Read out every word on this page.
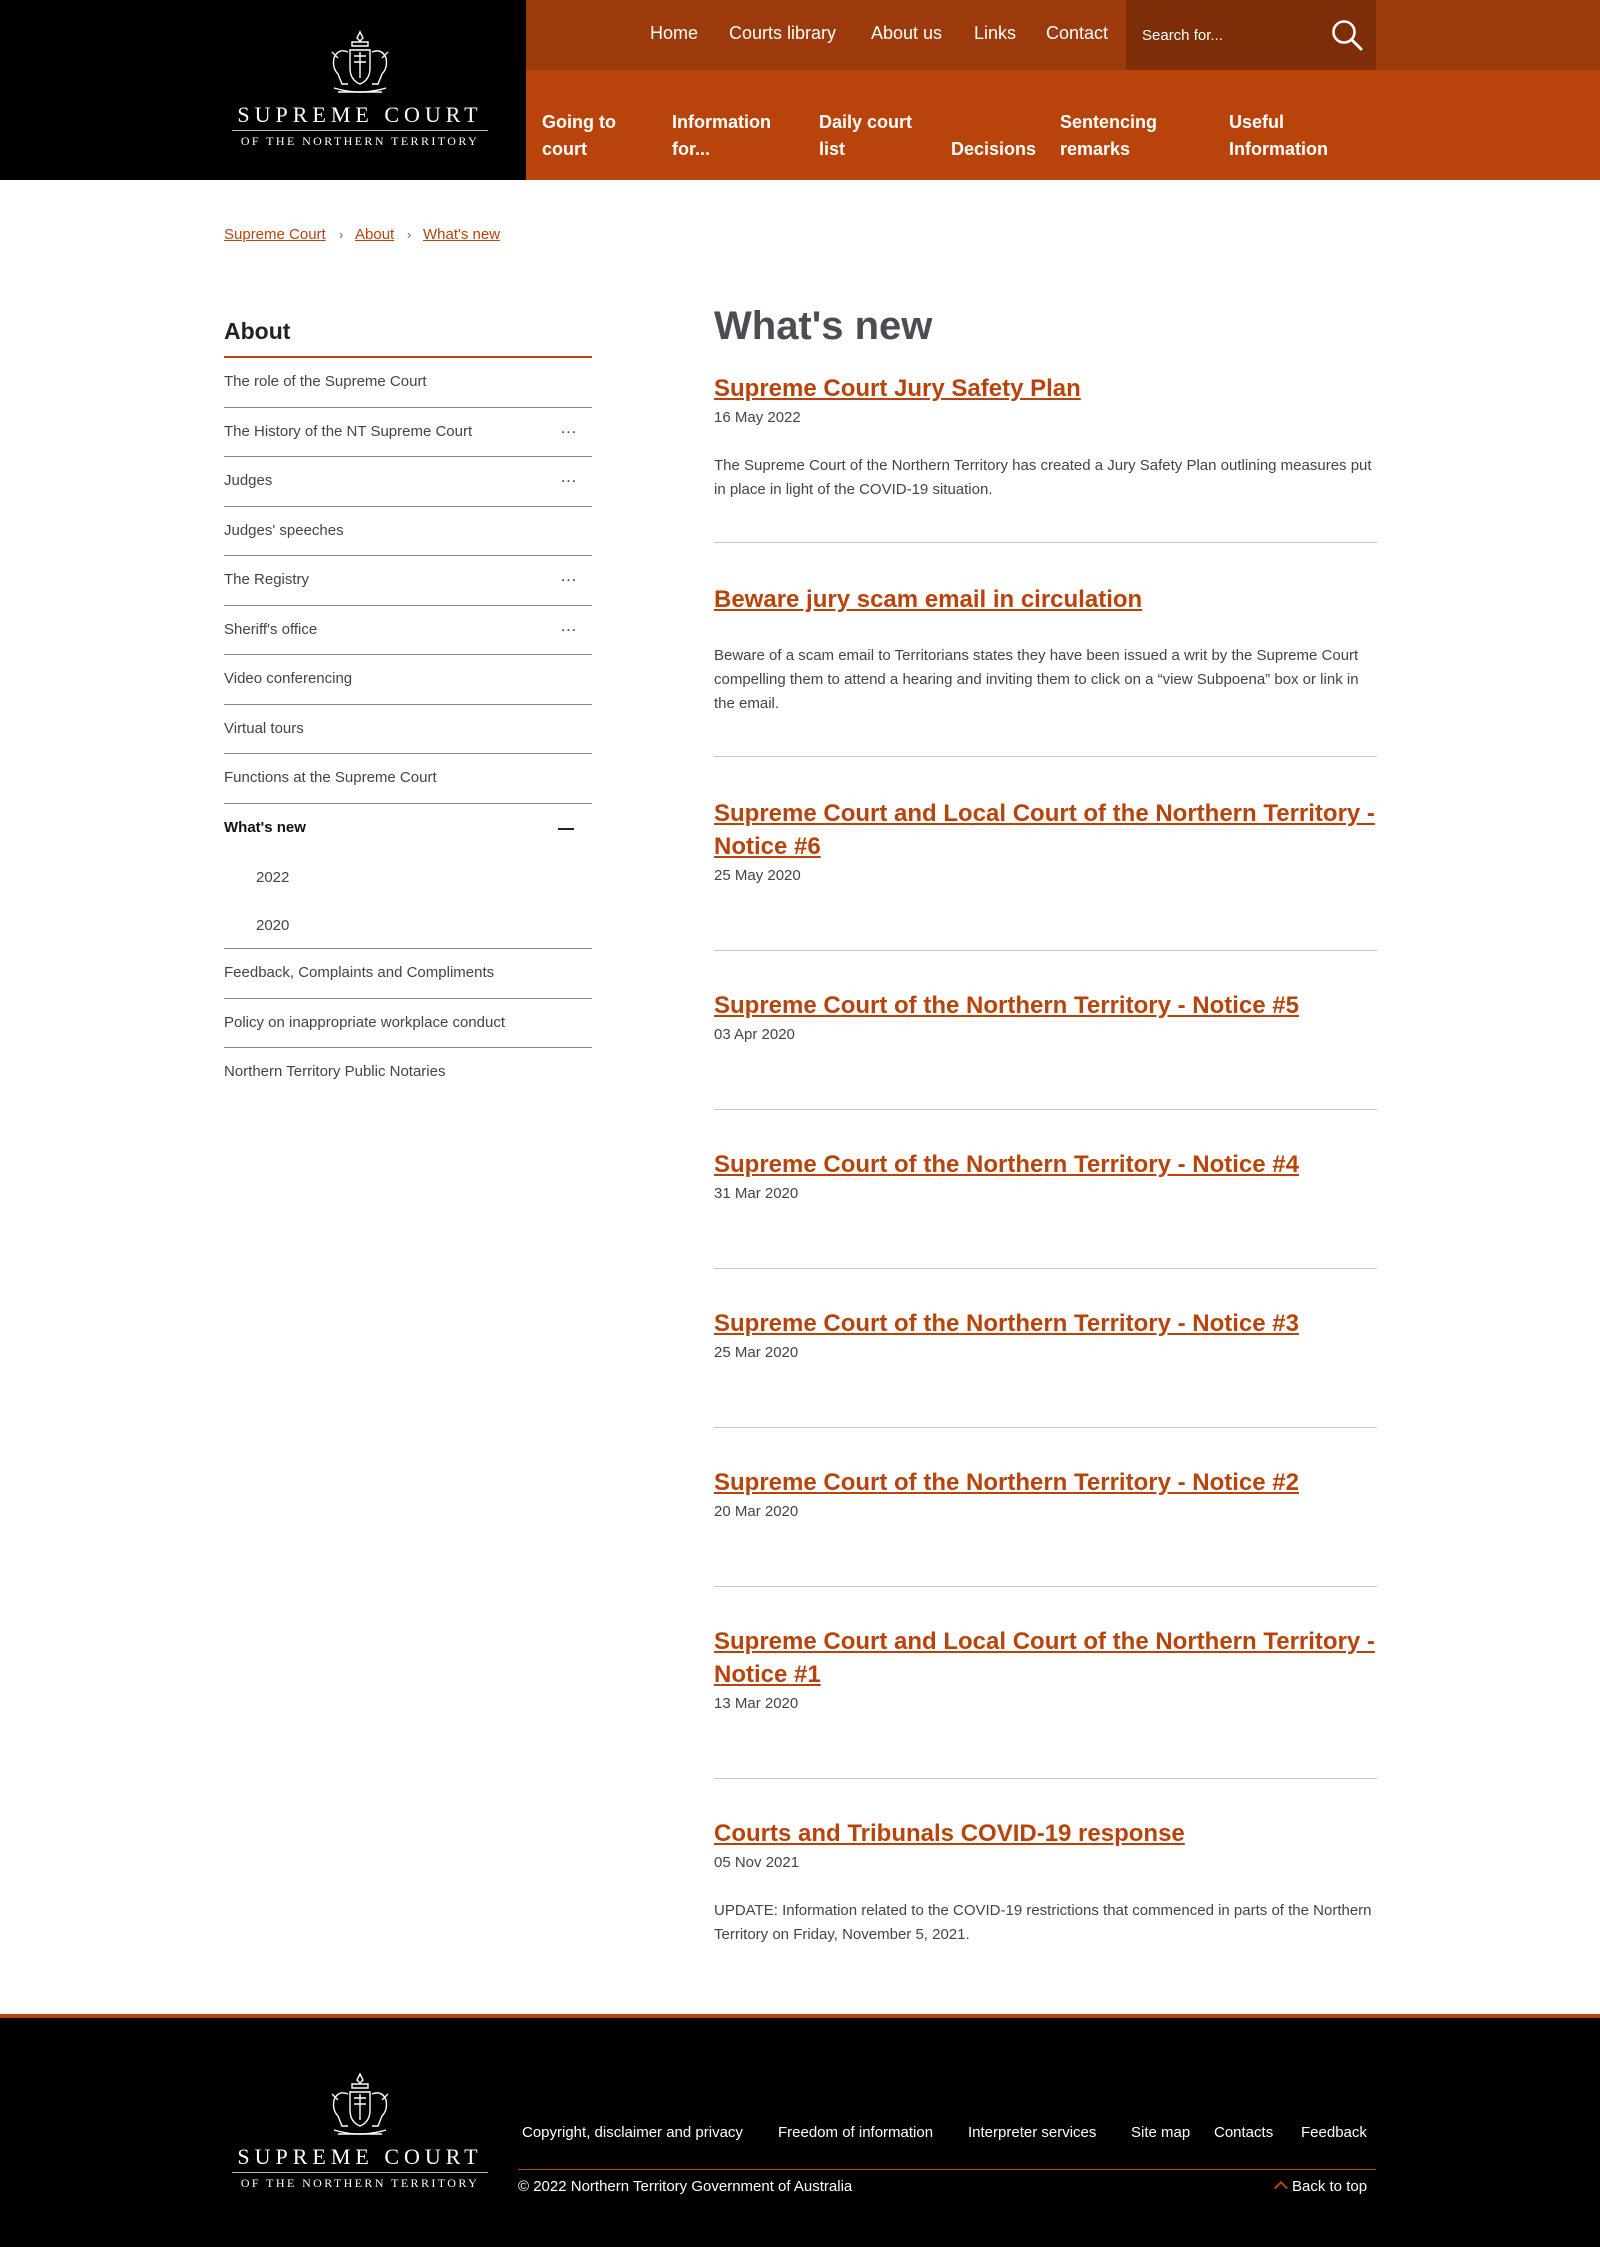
SUPREME COURT
OF THE NORTHERN TERRITORY
Home Courts library About us Links Contact
Search for...
Going to court
Information for...
Daily court list	Decisions
Sentencing remarks
Useful Information
Supreme Court › About › What's new
About
The role of the Supreme Court
The History of the NT Supreme Court	…
Judges	…
Judges' speeches
The Registry	…
Sheriff's office	…
Video conferencing
Virtual tours
Functions at the Supreme Court
What's new
2022
2020
Feedback, Complaints and Compliments
Policy on inappropriate workplace conduct
Northern Territory Public Notaries
What's new
Supreme Court Jury Safety Plan
16 May 2022

The Supreme Court of the Northern Territory has created a Jury Safety Plan outlining measures put in place in light of the COVID-19 situation.

Beware jury scam email in circulation

Beware of a scam email to Territorians states they have been issued a writ by the Supreme Court compelling them to attend a hearing and inviting them to click on a “view Subpoena” box or link in the email.

Supreme Court and Local Court of the Northern Territory - Notice #6
25 May 2020
Supreme Court of the Northern Territory - Notice #5
03 Apr 2020
Supreme Court of the Northern Territory - Notice #4
31 Mar 2020
Supreme Court of the Northern Territory - Notice #3
25 Mar 2020
Supreme Court of the Northern Territory - Notice #2
20 Mar 2020
Supreme Court and Local Court of the Northern Territory - Notice #1
13 Mar 2020
Courts and Tribunals COVID-19 response
05 Nov 2021

UPDATE: Information related to the COVID-19 restrictions that commenced in parts of the Northern Territory on Friday, November 5, 2021.

SUPREME COURT
OF THE NORTHERN TERRITORY
Copyright, disclaimer and privacy Freedom of information Interpreter services Site map Contacts Feedback
© 2022 Northern Territory Government of Australia	Back to top
